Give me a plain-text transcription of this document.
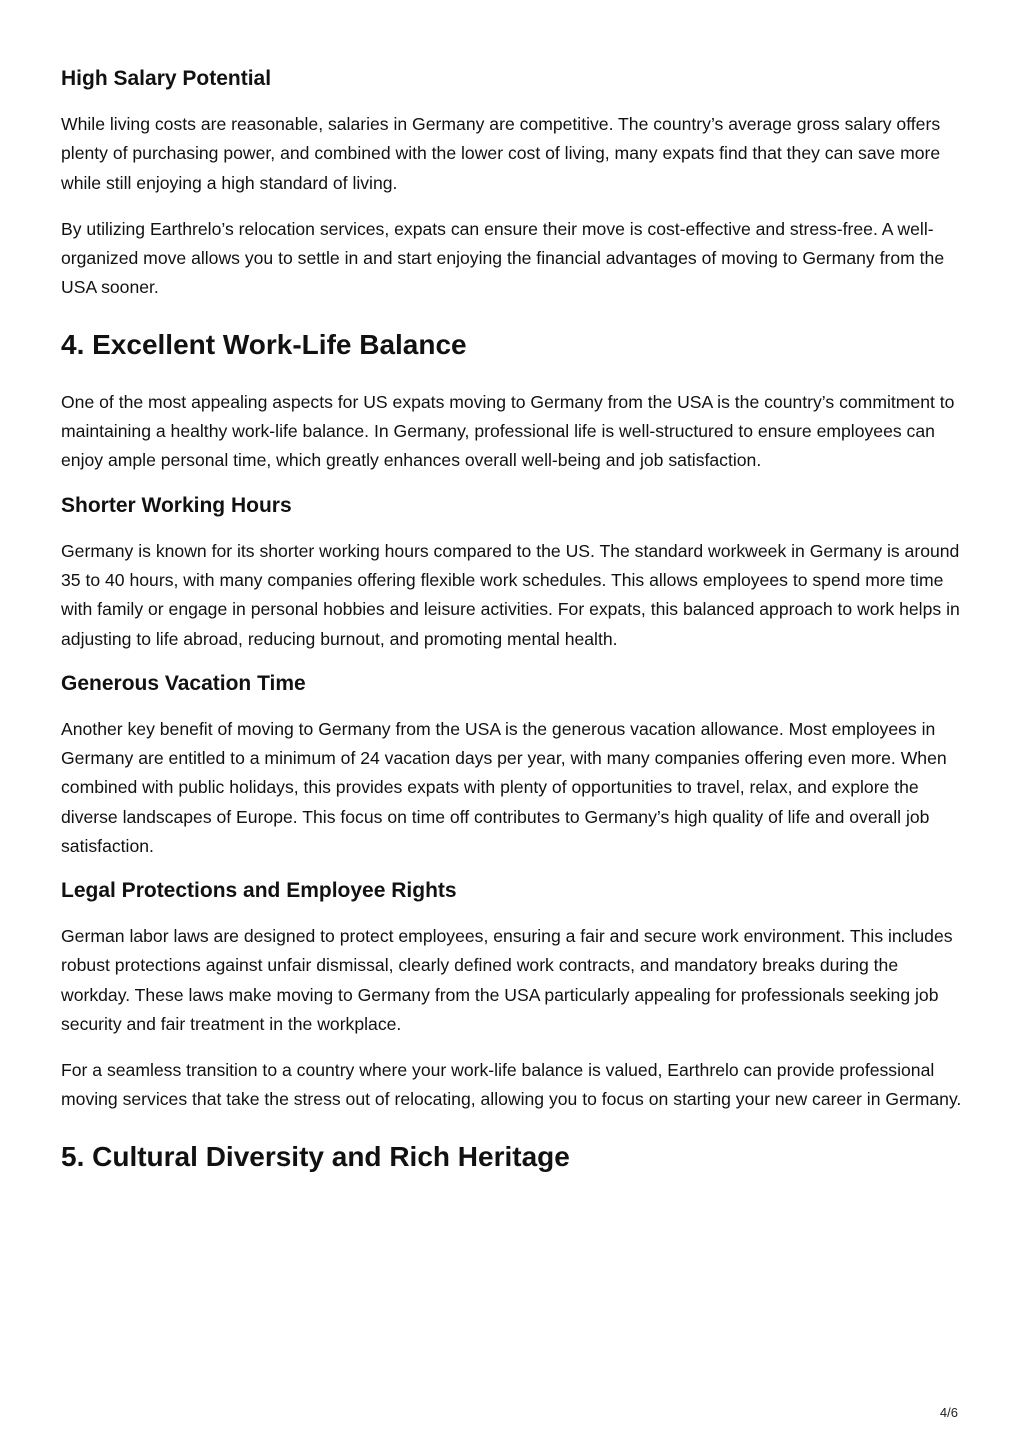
High Salary Potential

While living costs are reasonable, salaries in Germany are competitive. The country’s average gross salary offers plenty of purchasing power, and combined with the lower cost of living, many expats find that they can save more while still enjoying a high standard of living.

By utilizing Earthrelo’s relocation services, expats can ensure their move is cost-effective and stress-free. A well-organized move allows you to settle in and start enjoying the financial advantages of moving to Germany from the USA sooner.

4. Excellent Work-Life Balance

One of the most appealing aspects for US expats moving to Germany from the USA is the country’s commitment to maintaining a healthy work-life balance. In Germany, professional life is well-structured to ensure employees can enjoy ample personal time, which greatly enhances overall well-being and job satisfaction.

Shorter Working Hours

Germany is known for its shorter working hours compared to the US. The standard workweek in Germany is around 35 to 40 hours, with many companies offering flexible work schedules. This allows employees to spend more time with family or engage in personal hobbies and leisure activities. For expats, this balanced approach to work helps in adjusting to life abroad, reducing burnout, and promoting mental health.

Generous Vacation Time

Another key benefit of moving to Germany from the USA is the generous vacation allowance. Most employees in Germany are entitled to a minimum of 24 vacation days per year, with many companies offering even more. When combined with public holidays, this provides expats with plenty of opportunities to travel, relax, and explore the diverse landscapes of Europe. This focus on time off contributes to Germany’s high quality of life and overall job satisfaction.

Legal Protections and Employee Rights

German labor laws are designed to protect employees, ensuring a fair and secure work environment. This includes robust protections against unfair dismissal, clearly defined work contracts, and mandatory breaks during the workday. These laws make moving to Germany from the USA particularly appealing for professionals seeking job security and fair treatment in the workplace.

For a seamless transition to a country where your work-life balance is valued, Earthrelo can provide professional moving services that take the stress out of relocating, allowing you to focus on starting your new career in Germany.

5. Cultural Diversity and Rich Heritage
4/6
